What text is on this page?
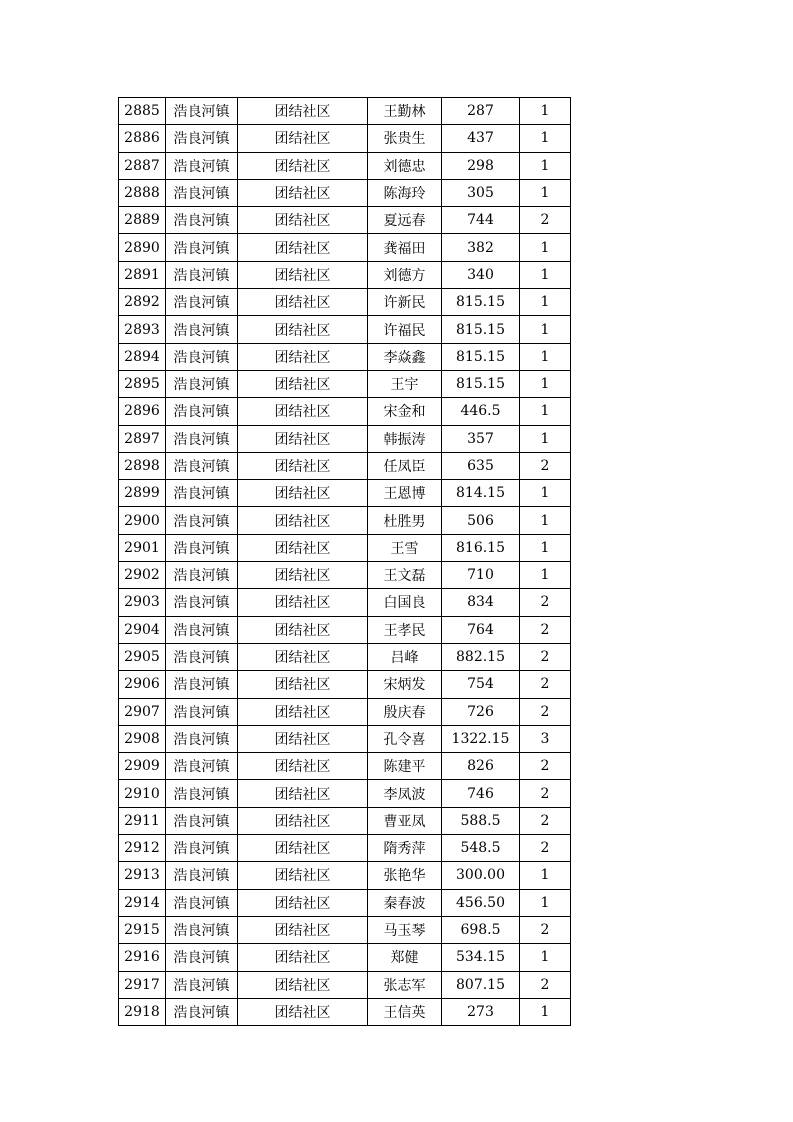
2885	浩良河镇	团结社区	王勤林	287	1
2886	浩良河镇	团结社区	张贵生	437	1
2887	浩良河镇	团结社区	刘德忠	298	1
2888	浩良河镇	团结社区	陈海玲	305	1
2889	浩良河镇	团结社区	夏远春	744	2
2890	浩良河镇	团结社区	龚福田	382	1
2891	浩良河镇	团结社区	刘德方	340	1
2892	浩良河镇	团结社区	许新民	815.15	1
2893	浩良河镇	团结社区	许福民	815.15	1
2894	浩良河镇	团结社区	李焱鑫	815.15	1
2895	浩良河镇	团结社区	王宇	815.15	1
2896	浩良河镇	团结社区	宋金和	446.5	1
2897	浩良河镇	团结社区	韩振涛	357	1
2898	浩良河镇	团结社区	任凤臣	635	2
2899	浩良河镇	团结社区	王恩博	814.15	1
2900	浩良河镇	团结社区	杜胜男	506	1
2901	浩良河镇	团结社区	王雪	816.15	1
2902	浩良河镇	团结社区	王文磊	710	1
2903	浩良河镇	团结社区	白国良	834	2
2904	浩良河镇	团结社区	王孝民	764	2
2905	浩良河镇	团结社区	吕峰	882.15	2
2906	浩良河镇	团结社区	宋炳发	754	2
2907	浩良河镇	团结社区	殷庆春	726	2
2908	浩良河镇	团结社区	孔令喜	1322.15	3
2909	浩良河镇	团结社区	陈建平	826	2
2910	浩良河镇	团结社区	李凤波	746	2
2911	浩良河镇	团结社区	曹亚凤	588.5	2
2912	浩良河镇	团结社区	隋秀萍	548.5	2
2913	浩良河镇	团结社区	张艳华	300.00	1
2914	浩良河镇	团结社区	秦春波	456.50	1
2915	浩良河镇	团结社区	马玉琴	698.5	2
2916	浩良河镇	团结社区	郑健	534.15	1
2917	浩良河镇	团结社区	张志军	807.15	2
2918	浩良河镇	团结社区	王信英	273	1
